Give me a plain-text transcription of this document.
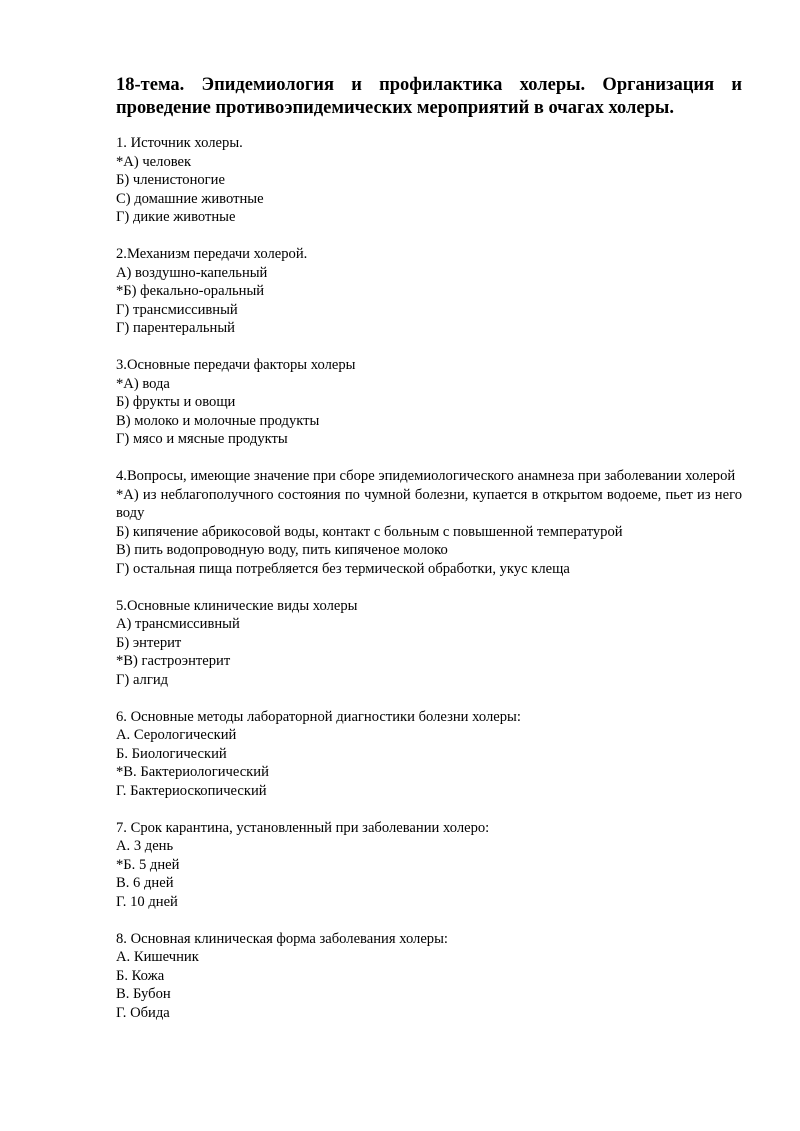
18-тема. Эпидемиология и профилактика холеры. Организация и проведение противоэпидемических мероприятий в очагах холеры.
1. Источник холеры.
*А) человек
Б) членистоногие
С) домашние животные
Г) дикие животные
2.Механизм передачи холерой.
А) воздушно-капельный
*Б) фекально-оральный
Г) трансмиссивный
Г) парентеральный
3.Основные передачи факторы холеры
*А) вода
Б) фрукты и овощи
В) молоко и молочные продукты
Г) мясо и мясные продукты
4.Вопросы, имеющие значение при сборе эпидемиологического анамнеза при заболевании холерой
*А) из неблагополучного состояния по чумной болезни, купается в открытом водоеме, пьет из него воду
Б) кипячение абрикосовой воды, контакт с больным с повышенной температурой
В) пить водопроводную воду, пить кипяченое молоко
Г) остальная пища потребляется без термической обработки, укус клеща
5.Основные клинические виды холеры
А) трансмиссивный
Б) энтерит
*В) гастроэнтерит
Г) алгид
6. Основные методы лабораторной диагностики болезни холеры:
А. Серологический
Б. Биологический
*В. Бактериологический
Г. Бактериоскопический
7. Срок карантина, установленный при заболевании холеро:
А. 3 день
*Б. 5 дней
В. 6 дней
Г. 10 дней
8. Основная клиническая форма заболевания холеры:
А. Кишечник
Б. Кожа
В. Бубон
Г. Обида
